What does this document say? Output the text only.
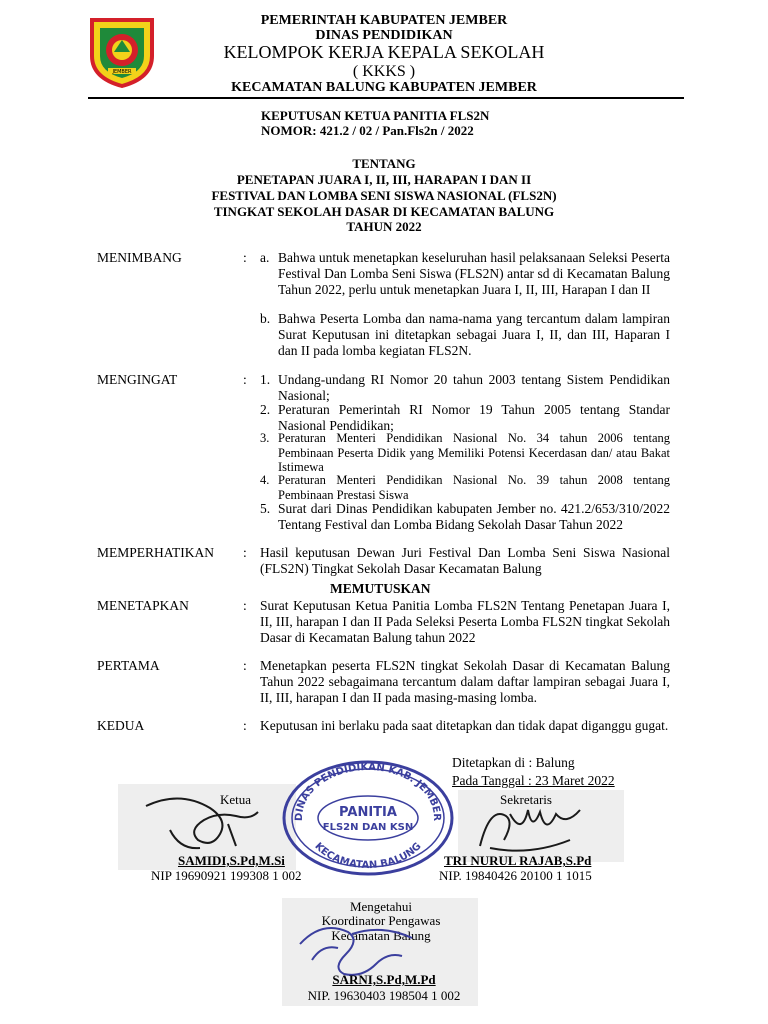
JEMBER
PEMERINTAH KABUPATEN JEMBER
DINAS PENDIDIKAN
KELOMPOK KERJA KEPALA SEKOLAH
( KKKS )
KECAMATAN BALUNG KABUPATEN JEMBER
KEPUTUSAN KETUA PANITIA FLS2N
NOMOR: 421.2 / 02 / Pan.Fls2n / 2022
TENTANG
PENETAPAN JUARA I, II, III, HARAPAN I DAN II
FESTIVAL DAN LOMBA SENI SISWA NASIONAL (FLS2N)
TINGKAT SEKOLAH DASAR DI KECAMATAN BALUNG
TAHUN 2022
MENIMBANG	: a. Bahwa untuk menetapkan keseluruhan hasil pelaksanaan Seleksi Peserta Festival Dan Lomba Seni Siswa (FLS2N) antar sd di Kecamatan Balung Tahun 2022, perlu untuk menetapkan Juara I, II, III, Harapan I dan II
b. Bahwa Peserta Lomba dan nama-nama yang tercantum dalam lampiran Surat Keputusan ini ditetapkan sebagai Juara I, II, dan III, Haparan I dan II pada lomba kegiatan FLS2N.
MENGINGAT	: 1. Undang-undang RI Nomor 20 tahun 2003 tentang Sistem Pendidikan Nasional;
2. Peraturan Pemerintah RI Nomor 19 Tahun 2005 tentang Standar Nasional Pendidikan;
3. Peraturan Menteri Pendidikan Nasional No. 34 tahun 2006 tentang Pembinaan Peserta Didik yang Memiliki Potensi Kecerdasan dan/ atau Bakat Istimewa
4. Peraturan Menteri Pendidikan Nasional No. 39 tahun 2008 tentang Pembinaan Prestasi Siswa
5. Surat dari Dinas Pendidikan kabupaten Jember no. 421.2/653/310/2022 Tentang Festival dan Lomba Bidang Sekolah Dasar Tahun 2022
MEMPERHATIKAN : Hasil keputusan Dewan Juri Festival Dan Lomba Seni Siswa Nasional (FLS2N) Tingkat Sekolah Dasar Kecamatan Balung
MEMUTUSKAN
MENETAPKAN	: Surat Keputusan Ketua Panitia Lomba FLS2N Tentang Penetapan Juara I, II, III, harapan I dan II Pada Seleksi Peserta Lomba FLS2N tingkat Sekolah Dasar di Kecamatan Balung tahun 2022
PERTAMA	: Menetapkan peserta FLS2N tingkat Sekolah Dasar di Kecamatan Balung Tahun 2022 sebagaimana tercantum dalam daftar lampiran sebagai Juara I, II, III, harapan I dan II pada masing-masing lomba.
KEDUA	: Keputusan ini berlaku pada saat ditetapkan dan tidak dapat diganggu gugat.
Ditetapkan di : Balung
Pada Tanggal : 23 Maret 2022
DINAS PENDIDIKAN KAB. JEMBER
PANITIA
FLS2N DAN KSN
KECAMATAN BALUNG
Ketua	Sekretaris
SAMIDI,S.Pd,M.Si
NIP 19690921 199308 1 002
TRI NURUL RAJAB,S.Pd
NIP. 19840426 20100 1 1015
Mengetahui
Koordinator Pengawas
Kecamatan Balung
SARNI,S.Pd,M.Pd
NIP. 19630403 198504 1 002
